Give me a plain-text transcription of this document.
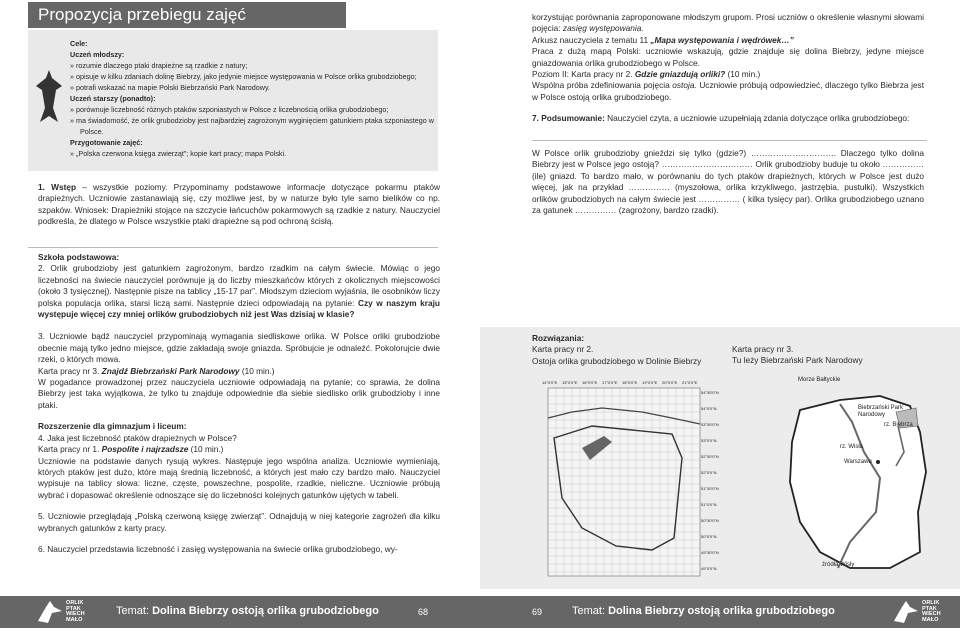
Propozycja przebiegu zajęć
Cele:
Uczeń młodszy:
» rozumie dlaczego ptaki drapieżne są rzadkie z natury;
» opisuje w kilku zdaniach dolinę Biebrzy, jako jedynie miejsce występowania w Polsce orlika grubodziobego;
» potrafi wskazać na mapie Polski Biebrzański Park Narodowy.
Uczeń starszy (ponadto):
» porównuje liczebność różnych ptaków szponiastych w Polsce z liczebnością orlika grubodziobego;
» ma świadomość, że orlik grubodzioby jest najbardziej zagrożonym wyginięciem gatunkiem ptaka szponiastego w Polsce.
Przygotowanie zajęć:
» „Polska czerwona księga zwierząt”; kopie kart pracy; mapa Polski.
1. Wstęp – wszystkie poziomy. Przypominamy podstawowe informacje dotyczące pokarmu ptaków drapieżnych. Uczniowie zastanawiają się, czy możliwe jest, by w naturze było tyle samo bielików co np. szpaków. Wniosek: Drapieżniki stojące na szczycie łańcuchów pokarmowych są rzadkie z natury. Nauczyciel podkreśla, że dlatego w Polsce wszystkie ptaki drapieżne są pod ochroną ścisłą.
Szkoła podstawowa:
2. Orlik grubodzioby jest gatunkiem zagrożonym, bardzo rzadkim na całym świecie. Mówiąc o jego liczebności na świecie nauczyciel porównuje ją do liczby mieszkańców których z okolicznych miejscowości (około 3 tysięcznej). Następnie pisze na tablicy „15-17 par”. Młodszym dzieciom wyjaśnia, ile osobników liczy polska populacja orlika, starsi liczą sami. Następnie dzieci odpowiadają na pytanie: Czy w naszym kraju występuje więcej czy mniej orlików grubodziobych niż jest Was dzisiaj w klasie?
3. Uczniowie bądź nauczyciel przypominają wymagania siedliskowe orlika. W Polsce orliki grubodziobe obecnie mają tylko jedno miejsce, gdzie zakładają swoje gniazda. Spróbujcie je odnaleźć. Pokolorujcie dwie rzeki, o których mowa.
Karta pracy nr 3. Znajdź Biebrzański Park Narodowy (10 min.)
W pogadance prowadzonej przez nauczyciela uczniowie odpowiadają na pytanie; co sprawia, że dolina Biebrzy jest taka wyjątkowa, że tylko tu znajduje odpowiednie dla siebie siedlisko orlik grubodzioby i inne ptaki.
Rozszerzenie dla gimnazjum i liceum:
4. Jaka jest liczebność ptaków drapieżnych w Polsce?
Karta pracy nr 1. Pospolite i najrzadsze (10 min.)
Uczniowie na podstawie danych rysują wykres. Następuje jego wspólna analiza. Uczniowie wymieniają, których ptaków jest dużo, które mają średnią liczebność, a których jest mało czy bardzo mało. Nauczyciel wypisuje na tablicy słowa: liczne, częste, powszechne, pospolite, rzadkie, nieliczne. Uczniowie próbują wybrać i dopasować określenie odnoszące się do liczebności kolejnych gatunków ujętych w tabeli.
5. Uczniowie przeglądają „Polską czerwoną księgę zwierząt”. Odnajdują w niej kategorie zagrożeń dla kilku wybranych gatunków z karty pracy.
6. Nauczyciel przedstawia liczebność i zasięg występowania na świecie orlika grubodziobego, wy-
ORLIK
PTAK
WIECH
MAŁO
Temat: Dolina Biebrzy ostoją orlika grubodziobego	68
korzystując porównania zaproponowane młodszym grupom. Prosi uczniów o określenie własnymi słowami pojęcia: zasięg występowania.
Arkusz nauczyciela z tematu 11 „Mapa występowania i wędrówek…”
Praca z dużą mapą Polski: uczniowie wskazują, gdzie znajduje się dolina Biebrzy, jedyne miejsce gniazdowania orlika grubodziobego w Polsce.
Poziom II: Karta pracy nr 2. Gdzie gniazdują orliki? (10 min.)
Wspólna próba zdefiniowania pojęcia ostoja. Uczniowie próbują odpowiedzieć, dlaczego tylko Biebrza jest w Polsce ostoją orlika grubodziobego.
7. Podsumowanie: Nauczyciel czyta, a uczniowie uzupełniają zdania dotyczące orlika grubodziobego:
W Polsce orlik grubodzioby gnieździ się tylko (gdzie?) …………………………. Dlaczego tylko dolina Biebrzy jest w Polsce jego ostoją? …………………………… Orlik grubodzioby buduje tu około ……………(ile) gniazd. To bardzo mało, w porównaniu do tych ptaków drapieżnych, których w Polsce jest dużo więcej, jak na przykład …………… (myszołowa, orlika krzykliwego, jastrzębia, pustułki). Wszystkich orlików grubodziobych na całym świecie jest …………… ( kilka tysięcy par). Orlika grubodziobego uznano za gatunek …………… (zagrożony, bardzo rzadki).
Rozwiązania:
Karta pracy nr 2.
Ostoja orlika grubodziobego w Dolinie Biebrzy
Karta pracy nr 3.
Tu leży Biebrzański Park Narodowy
14°0'0"E 15°0'0"E 16°0'0"E 17°0'0"E 18°0'0"E 19°0'0"E 20°0'0"E 21°0'0"E
54°30'0"N
54°0'0"N
53°30'0"N
53°0'0"N
52°30'0"N
52°0'0"N
51°30'0"N
51°0'0"N
50°30'0"N
50°0'0"N
49°30'0"N
49°0'0"N
Morze Bałtyckie
Biebrzański Park Narodowy
rz. Biebrza
rz. Wisła
Warszawa
źródła Wisły
69	Temat: Dolina Biebrzy ostoją orlika grubodziobego
ORLIK
PTAK
WIECH
MAŁO
